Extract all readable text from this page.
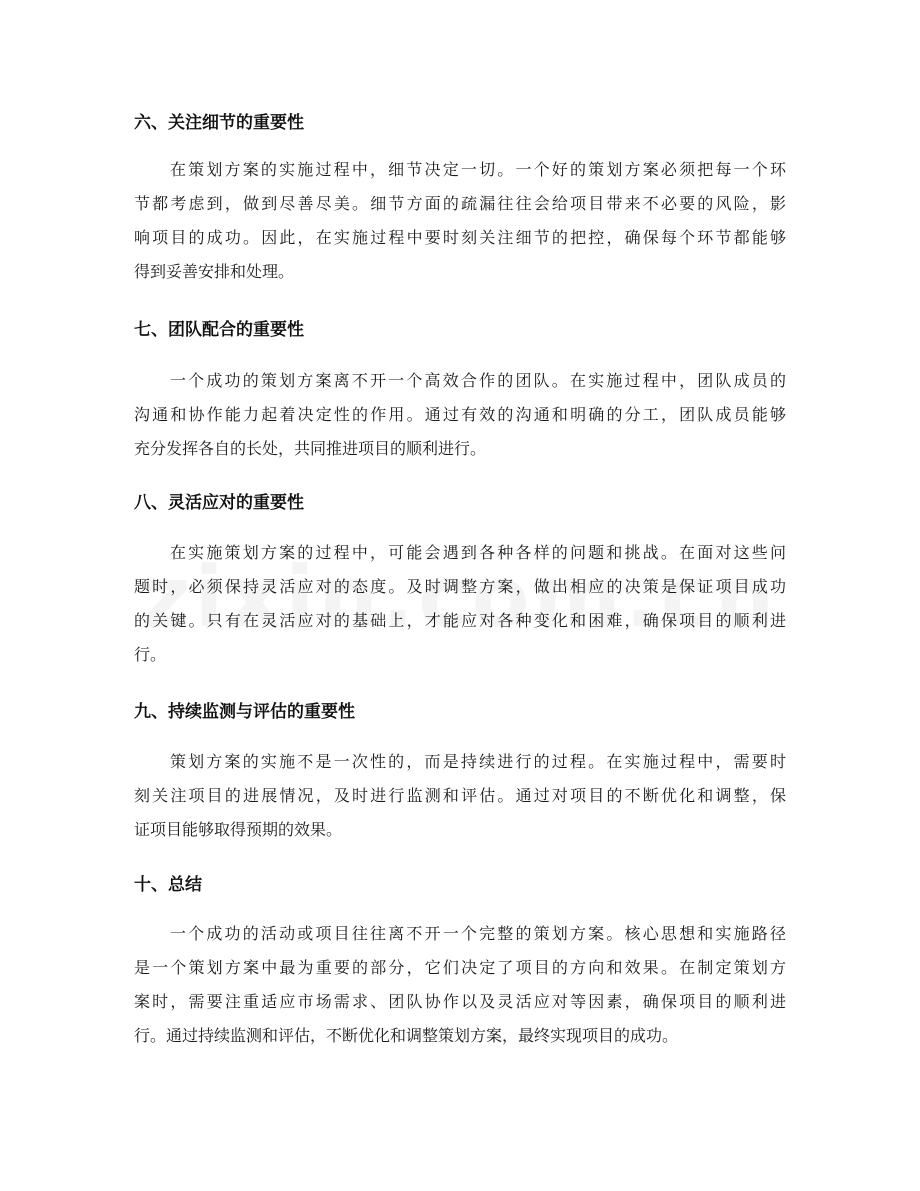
六、关注细节的重要性
在策划方案的实施过程中，细节决定一切。一个好的策划方案必须把每一个环
节都考虑到，做到尽善尽美。细节方面的疏漏往往会给项目带来不必要的风险，影
响项目的成功。因此，在实施过程中要时刻关注细节的把控，确保每个环节都能够
得到妥善安排和处理。
七、团队配合的重要性
一个成功的策划方案离不开一个高效合作的团队。在实施过程中，团队成员的
沟通和协作能力起着决定性的作用。通过有效的沟通和明确的分工，团队成员能够
充分发挥各自的长处，共同推进项目的顺利进行。
八、灵活应对的重要性
在实施策划方案的过程中，可能会遇到各种各样的问题和挑战。在面对这些问
题时，必须保持灵活应对的态度。及时调整方案，做出相应的决策是保证项目成功
的关键。只有在灵活应对的基础上，才能应对各种变化和困难，确保项目的顺利进
行。
九、持续监测与评估的重要性
策划方案的实施不是一次性的，而是持续进行的过程。在实施过程中，需要时
刻关注项目的进展情况，及时进行监测和评估。通过对项目的不断优化和调整，保
证项目能够取得预期的效果。
十、总结
一个成功的活动或项目往往离不开一个完整的策划方案。核心思想和实施路径
是一个策划方案中最为重要的部分，它们决定了项目的方向和效果。在制定策划方
案时，需要注重适应市场需求、团队协作以及灵活应对等因素，确保项目的顺利进
行。通过持续监测和评估，不断优化和调整策划方案，最终实现项目的成功。
